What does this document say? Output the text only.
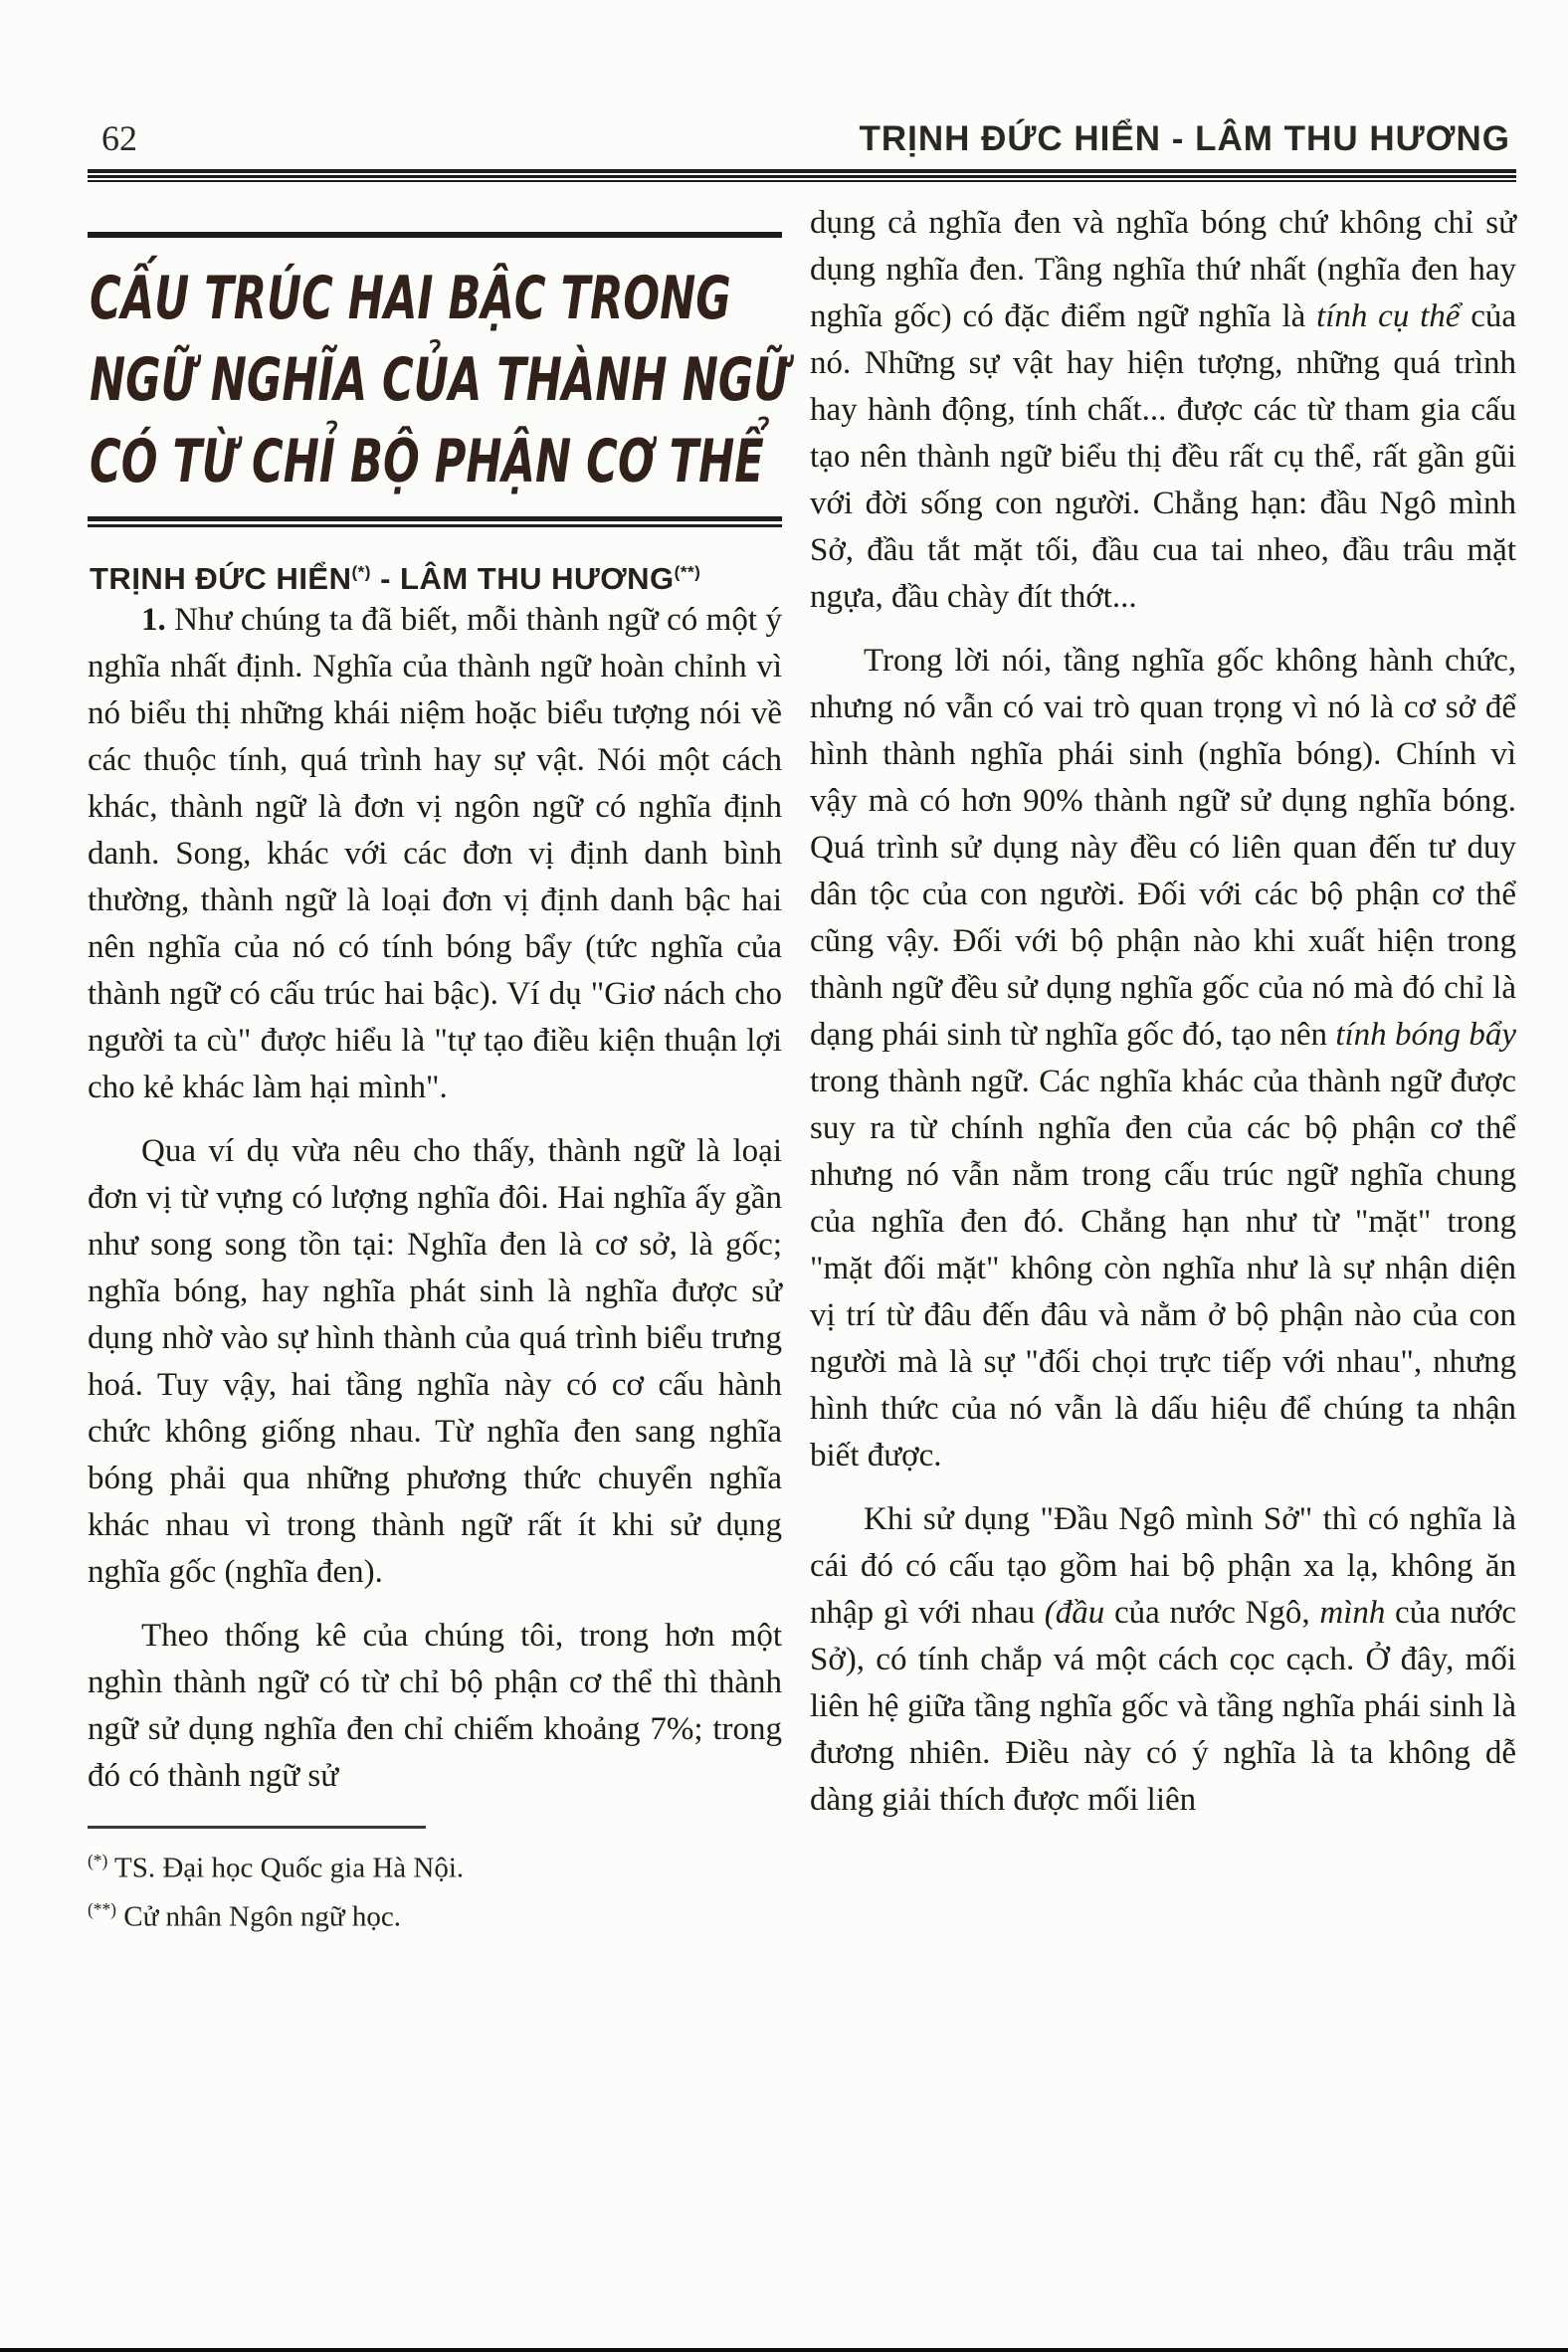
62	TRỊNH ĐỨC HIỂN - LÂM THU HƯƠNG
CẤU TRÚC HAI BẬC TRONG
NGỮ NGHĨA CỦA THÀNH NGỮ
CÓ TỪ CHỈ BỘ PHẬN CƠ THỂ

TRỊNH ĐỨC HIỂN(*) - LÂM THU HƯƠNG(**)

1. Như chúng ta đã biết, mỗi thành ngữ có một ý nghĩa nhất định. Nghĩa của thành ngữ hoàn chỉnh vì nó biểu thị những khái niệm hoặc biểu tượng nói về các thuộc tính, quá trình hay sự vật. Nói một cách khác, thành ngữ là đơn vị ngôn ngữ có nghĩa định danh. Song, khác với các đơn vị định danh bình thường, thành ngữ là loại đơn vị định danh bậc hai nên nghĩa của nó có tính bóng bẩy (tức nghĩa của thành ngữ có cấu trúc hai bậc). Ví dụ "Giơ nách cho người ta cù" được hiểu là "tự tạo điều kiện thuận lợi cho kẻ khác làm hại mình".

Qua ví dụ vừa nêu cho thấy, thành ngữ là loại đơn vị từ vựng có lượng nghĩa đôi. Hai nghĩa ấy gần như song song tồn tại: Nghĩa đen là cơ sở, là gốc; nghĩa bóng, hay nghĩa phát sinh là nghĩa được sử dụng nhờ vào sự hình thành của quá trình biểu trưng hoá. Tuy vậy, hai tầng nghĩa này có cơ cấu hành chức không giống nhau. Từ nghĩa đen sang nghĩa bóng phải qua những phương thức chuyển nghĩa khác nhau vì trong thành ngữ rất ít khi sử dụng nghĩa gốc (nghĩa đen).

Theo thống kê của chúng tôi, trong hơn một nghìn thành ngữ có từ chỉ bộ phận cơ thể thì thành ngữ sử dụng nghĩa đen chỉ chiếm khoảng 7%; trong đó có thành ngữ sử

(*) TS. Đại học Quốc gia Hà Nội.

(**) Cử nhân Ngôn ngữ học.

dụng cả nghĩa đen và nghĩa bóng chứ không chỉ sử dụng nghĩa đen. Tầng nghĩa thứ nhất (nghĩa đen hay nghĩa gốc) có đặc điểm ngữ nghĩa là tính cụ thể của nó. Những sự vật hay hiện tượng, những quá trình hay hành động, tính chất... được các từ tham gia cấu tạo nên thành ngữ biểu thị đều rất cụ thể, rất gần gũi với đời sống con người. Chẳng hạn: đầu Ngô mình Sở, đầu tắt mặt tối, đầu cua tai nheo, đầu trâu mặt ngựa, đầu chày đít thớt...

Trong lời nói, tầng nghĩa gốc không hành chức, nhưng nó vẫn có vai trò quan trọng vì nó là cơ sở để hình thành nghĩa phái sinh (nghĩa bóng). Chính vì vậy mà có hơn 90% thành ngữ sử dụng nghĩa bóng. Quá trình sử dụng này đều có liên quan đến tư duy dân tộc của con người. Đối với các bộ phận cơ thể cũng vậy. Đối với bộ phận nào khi xuất hiện trong thành ngữ đều sử dụng nghĩa gốc của nó mà đó chỉ là dạng phái sinh từ nghĩa gốc đó, tạo nên tính bóng bẩy trong thành ngữ. Các nghĩa khác của thành ngữ được suy ra từ chính nghĩa đen của các bộ phận cơ thể nhưng nó vẫn nằm trong cấu trúc ngữ nghĩa chung của nghĩa đen đó. Chẳng hạn như từ "mặt" trong "mặt đối mặt" không còn nghĩa như là sự nhận diện vị trí từ đâu đến đâu và nằm ở bộ phận nào của con người mà là sự "đối chọi trực tiếp với nhau", nhưng hình thức của nó vẫn là dấu hiệu để chúng ta nhận biết được.

Khi sử dụng "Đầu Ngô mình Sở" thì có nghĩa là cái đó có cấu tạo gồm hai bộ phận xa lạ, không ăn nhập gì với nhau (đầu của nước Ngô, mình của nước Sở), có tính chắp vá một cách cọc cạch. Ở đây, mối liên hệ giữa tầng nghĩa gốc và tầng nghĩa phái sinh là đương nhiên. Điều này có ý nghĩa là ta không dễ dàng giải thích được mối liên
